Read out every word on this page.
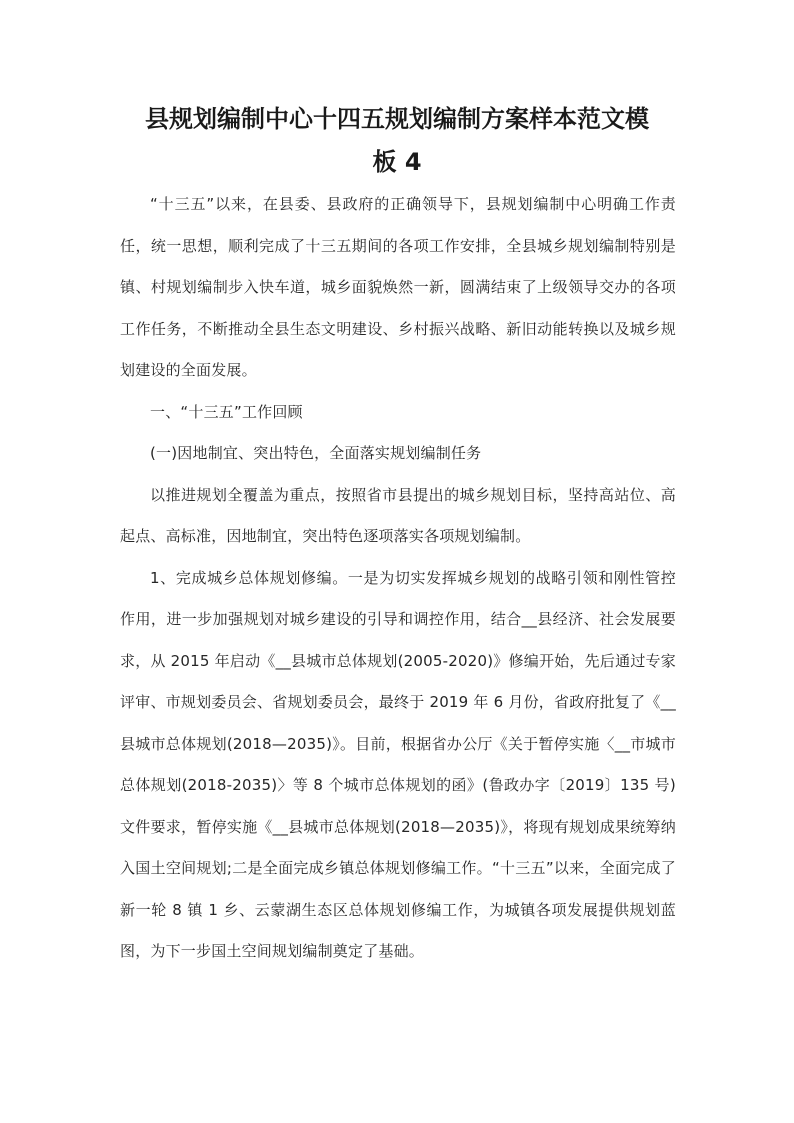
县规划编制中心十四五规划编制方案样本范文模
板 4

“十三五”以来，在县委、县政府的正确领导下，县规划编制中心明确工作责任，统一思想，顺利完成了十三五期间的各项工作安排，全县城乡规划编制特别是镇、村规划编制步入快车道，城乡面貌焕然一新，圆满结束了上级领导交办的各项工作任务，不断推动全县生态文明建设、乡村振兴战略、新旧动能转换以及城乡规划建设的全面发展。

一、“十三五”工作回顾

(一)因地制宜、突出特色，全面落实规划编制任务

以推进规划全覆盖为重点，按照省市县提出的城乡规划目标，坚持高站位、高起点、高标准，因地制宜，突出特色逐项落实各项规划编制。

1、完成城乡总体规划修编。一是为切实发挥城乡规划的战略引领和刚性管控作用，进一步加强规划对城乡建设的引导和调控作用，结合__县经济、社会发展要求，从 2015 年启动《__县城市总体规划(2005-2020)》修编开始，先后通过专家评审、市规划委员会、省规划委员会，最终于 2019 年 6 月份，省政府批复了《__县城市总体规划(2018—2035)》。目前，根据省办公厅《关于暂停实施〈__市城市总体规划(2018-2035)〉等 8 个城市总体规划的函》(鲁政办字〔2019〕135 号)文件要求，暂停实施《__县城市总体规划(2018—2035)》，将现有规划成果统筹纳入国土空间规划;二是全面完成乡镇总体规划修编工作。“十三五”以来，全面完成了新一轮 8 镇 1 乡、云蒙湖生态区总体规划修编工作，为城镇各项发展提供规划蓝图，为下一步国土空间规划编制奠定了基础。
